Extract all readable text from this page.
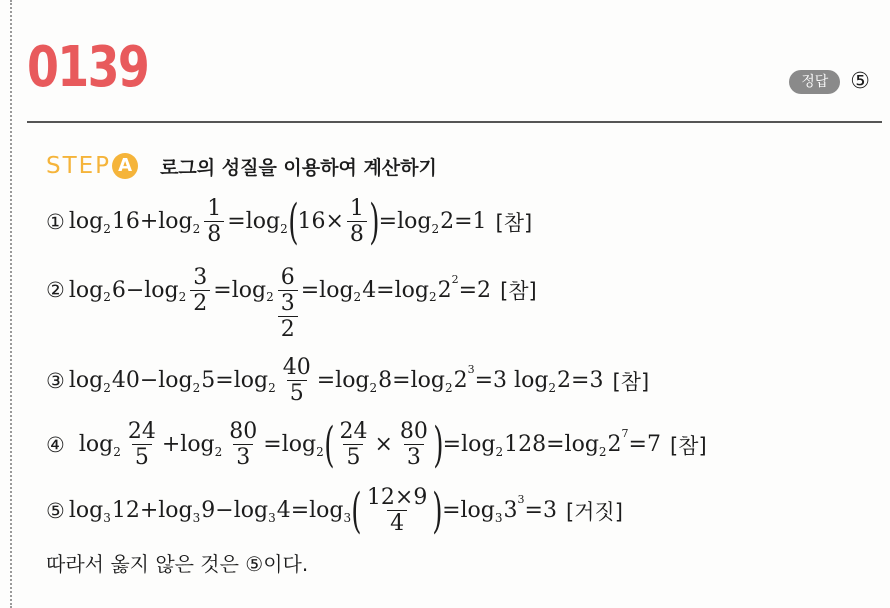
0139	정답	⑤
STEP A	로그의 성질을 이용하여 계산하기
① log 2 16+log $2 \frac{1}{8} =\log$ 2 ( $16\times \frac{1}{8}$ ) =log 2 2=1 [참]
② log 2 6−log $2 \frac{3}{2} =\log$ $2 \frac{6}{\frac{3}{2}} =\log$ 2 4=log 2 2 2 =2 [참]
③ log 2 40−log 2 5=log $2 \frac{40}{5} =\log$ 2 8=log 2 2 3 =3 log 2 2=3 [참]
④ $\log 2 \frac{24}{5} +\log$ $2 \frac{80}{3} =\log$ 2 ( $\frac{24}{5} \times \frac{80}{3}$ ) =log 2 128=log 2 2 7 =7 [참]
⑤ log 3 12+log 3 9−log 3 4=log 3 ( $\frac{12\times 9}{4}$ ) =log 3 3 3 =3 [거짓]
따라서 옳지 않은 것은 ⑤이다.
